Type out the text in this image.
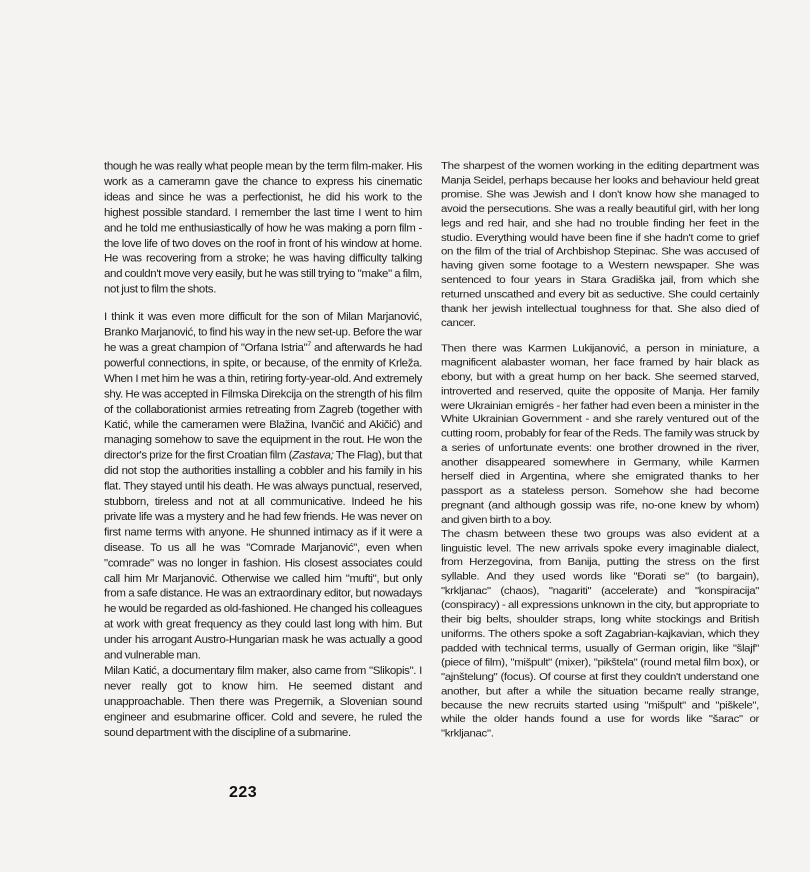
though he was really what people mean by the term film-maker. His work as a cameramn gave the chance to express his cinematic ideas and since he was a perfectionist, he did his work to the highest possible standard. I remember the last time I went to him and he told me enthusiastically of how he was making a porn film - the love life of two doves on the roof in front of his window at home. He was recovering from a stroke; he was having difficulty talking and couldn't move very easily, but he was still trying to "make" a film, not just to film the shots.

I think it was even more difficult for the son of Milan Marjanović, Branko Marjanović, to find his way in the new set-up. Before the war he was a great champion of "Orfana Istria"$^7$ and afterwards he had powerful connections, in spite, or because, of the enmity of Krleža. When I met him he was a thin, retiring forty-year-old. And extremely shy. He was accepted in Filmska Direkcija on the strength of his film of the collaborationist armies retreating from Zagreb (together with Katić, while the cameramen were Blažina, Ivančić and Akičić) and managing somehow to save the equipment in the rout. He won the director's prize for the first Croatian film (Zastava; The Flag), but that did not stop the authorities installing a cobbler and his family in his flat. They stayed until his death. He was always punctual, reserved, stubborn, tireless and not at all communicative. Indeed he his private life was a mystery and he had few friends. He was never on first name terms with anyone. He shunned intimacy as if it were a disease. To us all he was "Comrade Marjanović", even when "comrade" was no longer in fashion. His closest associates could call him Mr Marjanović. Otherwise we called him "mufti", but only from a safe distance. He was an extraordinary editor, but nowadays he would be regarded as old-fashioned. He changed his colleagues at work with great frequency as they could last long with him. But under his arrogant Austro-Hungarian mask he was actually a good and vulnerable man.

Milan Katić, a documentary film maker, also came from "Slikopis". I never really got to know him. He seemed distant and unapproachable. Then there was Pregernik, a Slovenian sound engineer and esubmarine officer. Cold and severe, he ruled the sound department with the discipline of a submarine.

The sharpest of the women working in the editing department was Manja Seidel, perhaps because her looks and behaviour held great promise. She was Jewish and I don't know how she managed to avoid the persecutions. She was a really beautiful girl, with her long legs and red hair, and she had no trouble finding her feet in the studio. Everything would have been fine if she hadn't come to grief on the film of the trial of Archbishop Stepinac. She was accused of having given some footage to a Western newspaper. She was sentenced to four years in Stara Gradiška jail, from which she returned unscathed and every bit as seductive. She could certainly thank her jewish intellectual toughness for that. She also died of cancer.

Then there was Karmen Lukijanović, a person in miniature, a magnificent alabaster woman, her face framed by hair black as ebony, but with a great hump on her back. She seemed starved, introverted and reserved, quite the opposite of Manja. Her family were Ukrainian emigrés - her father had even been a minister in the White Ukrainian Government - and she rarely ventured out of the cutting room, probably for fear of the Reds. The family was struck by a series of unfortunate events: one brother drowned in the river, another disappeared somewhere in Germany, while Karmen herself died in Argentina, where she emigrated thanks to her passport as a stateless person. Somehow she had become pregnant (and although gossip was rife, no-one knew by whom) and given birth to a boy.

The chasm between these two groups was also evident at a linguistic level. The new arrivals spoke every imaginable dialect, from Herzegovina, from Banija, putting the stress on the first syllable. And they used words like "Đorati se" (to bargain), "krkljanac" (chaos), "nagariti" (accelerate) and "konspiracija" (conspiracy) - all expressions unknown in the city, but appropriate to their big belts, shoulder straps, long white stockings and British uniforms. The others spoke a soft Zagabrian-kajkavian, which they padded with technical terms, usually of German origin, like "šlajf" (piece of film), "mišpult" (mixer), "pikštela" (round metal film box), or "ajnštelung" (focus). Of course at first they couldn't understand one another, but after a while the situation became really strange, because the new recruits started using "mišpult" and "piškele", while the older hands found a use for words like "šarac" or "krkljanac".

223
